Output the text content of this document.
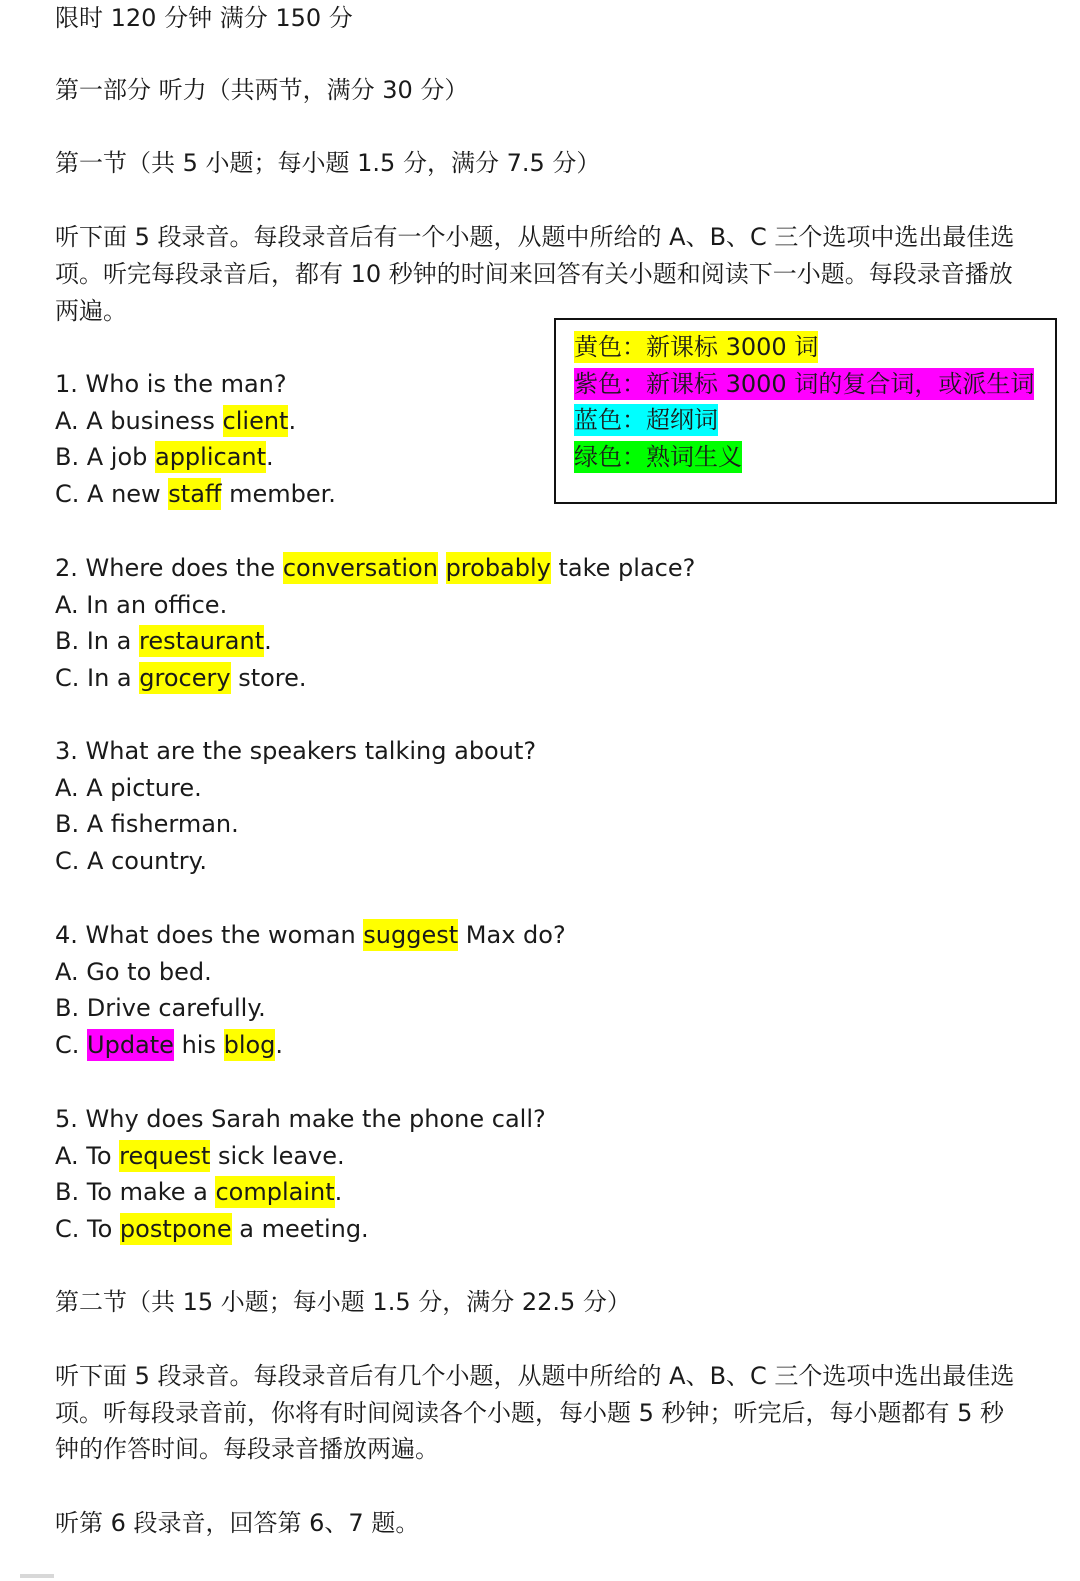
限时 120 分钟 满分 150 分
第一部分 听力（共两节，满分 30 分）
第一节（共 5 小题；每小题 1.5 分，满分 7.5 分）
听下面 5 段录音。每段录音后有一个小题，从题中所给的 A、B、C 三个选项中选出最佳选
项。听完每段录音后，都有 10 秒钟的时间来回答有关小题和阅读下一小题。每段录音播放
两遍。
黄色：新课标 3000 词
紫色：新课标 3000 词的复合词，或派生词
蓝色：超纲词
绿色：熟词生义
1. Who is the man?
A. A business client.
B. A job applicant.
C. A new staff member.
2. Where does the conversation probably take place?
A. In an office.
B. In a restaurant.
C. In a grocery store.
3. What are the speakers talking about?
A. A picture.
B. A fisherman.
C. A country.
4. What does the woman suggest Max do?
A. Go to bed.
B. Drive carefully.
C. Update his blog.
5. Why does Sarah make the phone call?
A. To request sick leave.
B. To make a complaint.
C. To postpone a meeting.
第二节（共 15 小题；每小题 1.5 分，满分 22.5 分）
听下面 5 段录音。每段录音后有几个小题，从题中所给的 A、B、C 三个选项中选出最佳选
项。听每段录音前，你将有时间阅读各个小题，每小题 5 秒钟；听完后，每小题都有 5 秒
钟的作答时间。每段录音播放两遍。
听第 6 段录音，回答第 6、7 题。
